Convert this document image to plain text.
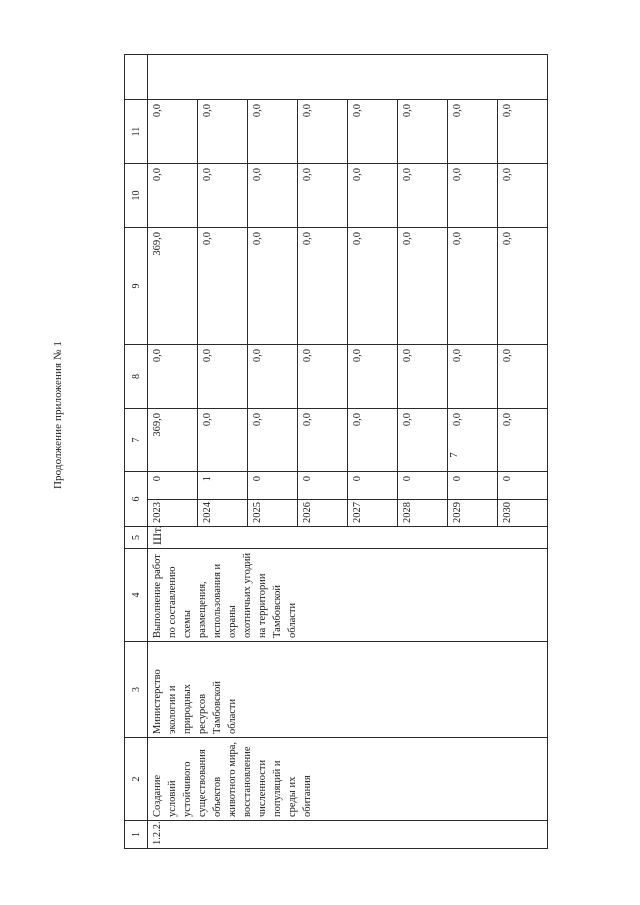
7
Продолжение приложения № 1
1	2	3	4	5	6		7	8	9	10	11	
1.2.2.	Создание условий устойчивого существования объектов животного мира, восстановление численности популяций и среды их обитания	Министерство экологии и природных ресурсов Тамбовской области	Выполнение работ по составлению схемы размещения, использования и охраны охотничьих угодий на территории Тамбовской области	Шт.	2023	0	369,0	0,0	369,0	0,0	0,0	
					2024	1	0,0	0,0	0,0	0,0	0,0	
					2025	0	0,0	0,0	0,0	0,0	0,0	
					2026	0	0,0	0,0	0,0	0,0	0,0	
					2027	0	0,0	0,0	0,0	0,0	0,0	
					2028	0	0,0	0,0	0,0	0,0	0,0	
					2029	0	0,0	0,0	0,0	0,0	0,0	
					2030	0	0,0	0,0	0,0	0,0	0,0	
